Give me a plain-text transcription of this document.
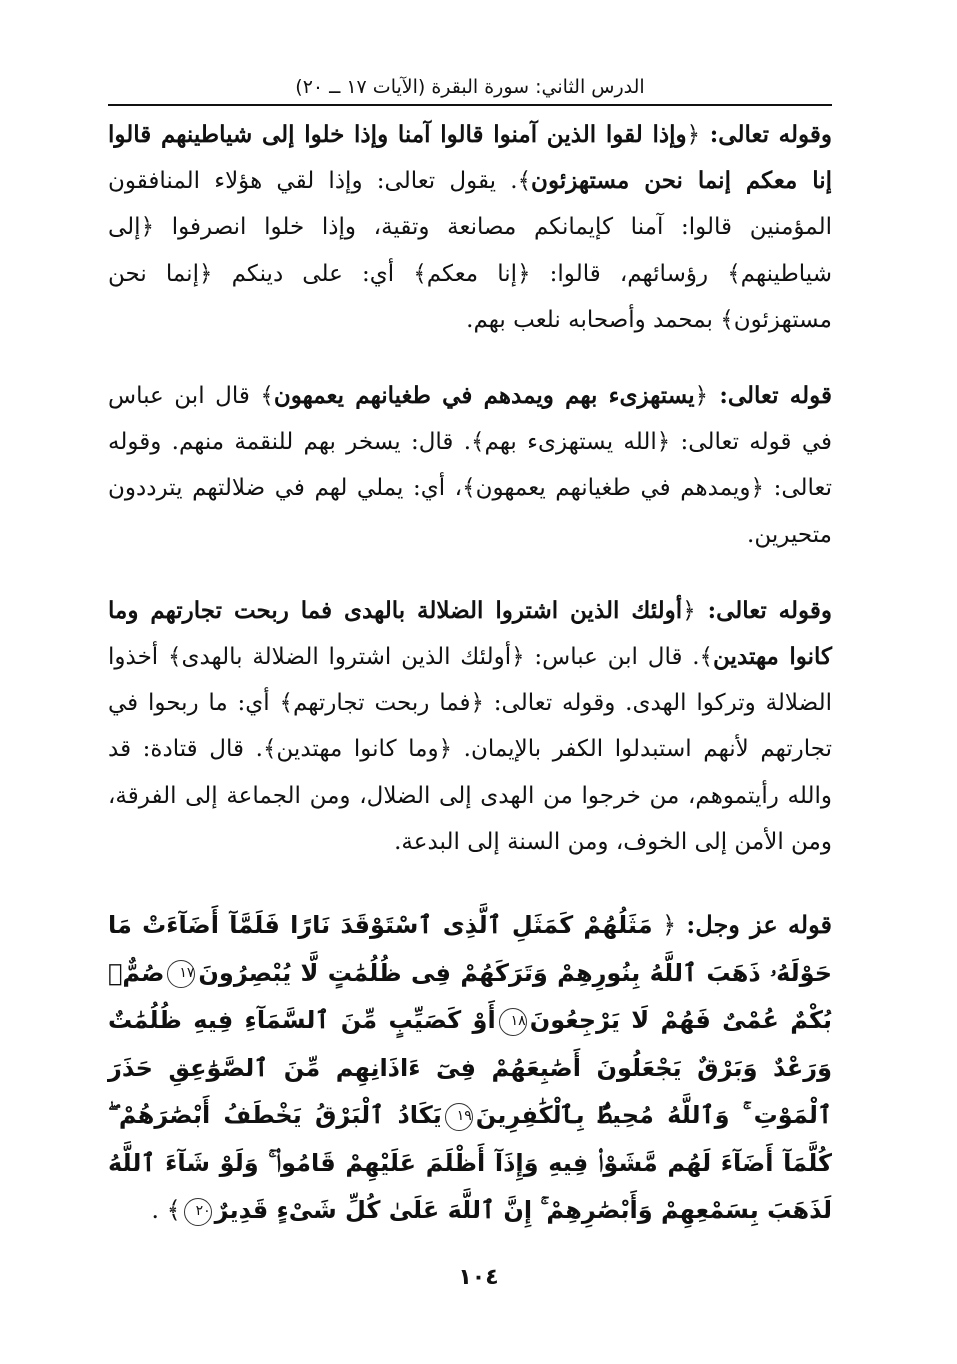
الدرس الثاني: سورة البقرة (الآيات ١٧ ــ ٢٠)

وقوله تعالى: ﴿وإذا لقوا الذين آمنوا قالوا آمنا وإذا خلوا إلى شياطينهم قالوا إنا معكم إنما نحن مستهزئون﴾. يقول تعالى: وإذا لقي هؤلاء المنافقون المؤمنين قالوا: آمنا كإيمانكم مصانعة وتقية، وإذا خلوا انصرفوا ﴿إلى شياطينهم﴾ رؤسائهم، قالوا: ﴿إنا معكم﴾ أي: على دينكم ﴿إنما نحن مستهزئون﴾ بمحمد وأصحابه نلعب بهم.

قوله تعالى: ﴿يستهزىء بهم ويمدهم في طغيانهم يعمهون﴾ قال ابن عباس في قوله تعالى: ﴿الله يستهزىء بهم﴾. قال: يسخر بهم للنقمة منهم. وقوله تعالى: ﴿ويمدهم في طغيانهم يعمهون﴾، أي: يملي لهم في ضلالتهم يترددون متحيرين.

وقوله تعالى: ﴿أولئك الذين اشتروا الضلالة بالهدى فما ربحت تجارتهم وما كانوا مهتدين﴾. قال ابن عباس: ﴿أولئك الذين اشتروا الضلالة بالهدى﴾ أخذوا الضلالة وتركوا الهدى. وقوله تعالى: ﴿فما ربحت تجارتهم﴾ أي: ما ربحوا في تجارتهم لأنهم استبدلوا الكفر بالإيمان. ﴿وما كانوا مهتدين﴾. قال قتادة: قد والله رأيتموهم، من خرجوا من الهدى إلى الضلال، ومن الجماعة إلى الفرقة، ومن الأمن إلى الخوف، ومن السنة إلى البدعة.

قوله عز وجل: ﴿ مَثَلُهُمْ كَمَثَلِ ٱلَّذِى ٱسْتَوْقَدَ نَارًا فَلَمَّآ أَضَآءَتْ مَا حَوْلَهُۥ ذَهَبَ ٱللَّهُ بِنُورِهِمْ وَتَرَكَهُمْ فِى ظُلُمَٰتٍ لَّا يُبْصِرُونَ١٧صُمٌّۢ بُكْمٌ عُمْىٌ فَهُمْ لَا يَرْجِعُونَ١٨أَوْ كَصَيِّبٍ مِّنَ ٱلسَّمَآءِ فِيهِ ظُلُمَٰتٌ وَرَعْدٌ وَبَرْقٌ يَجْعَلُونَ أَصَٰبِعَهُمْ فِىٓ ءَاذَانِهِم مِّنَ ٱلصَّوَٰعِقِ حَذَرَ ٱلْمَوْتِ ۚ وَٱللَّهُ مُحِيطٌۢ بِٱلْكَٰفِرِينَ١٩يَكَادُ ٱلْبَرْقُ يَخْطَفُ أَبْصَٰرَهُمْ ۖ كُلَّمَآ أَضَآءَ لَهُم مَّشَوْا۟ فِيهِ وَإِذَآ أَظْلَمَ عَلَيْهِمْ قَامُوا۟ ۚ وَلَوْ شَآءَ ٱللَّهُ لَذَهَبَ بِسَمْعِهِمْ وَأَبْصَٰرِهِمْ ۚ إِنَّ ٱللَّهَ عَلَىٰ كُلِّ شَىْءٍ قَدِيرٌ٢٠﴾ .

١٠٤
